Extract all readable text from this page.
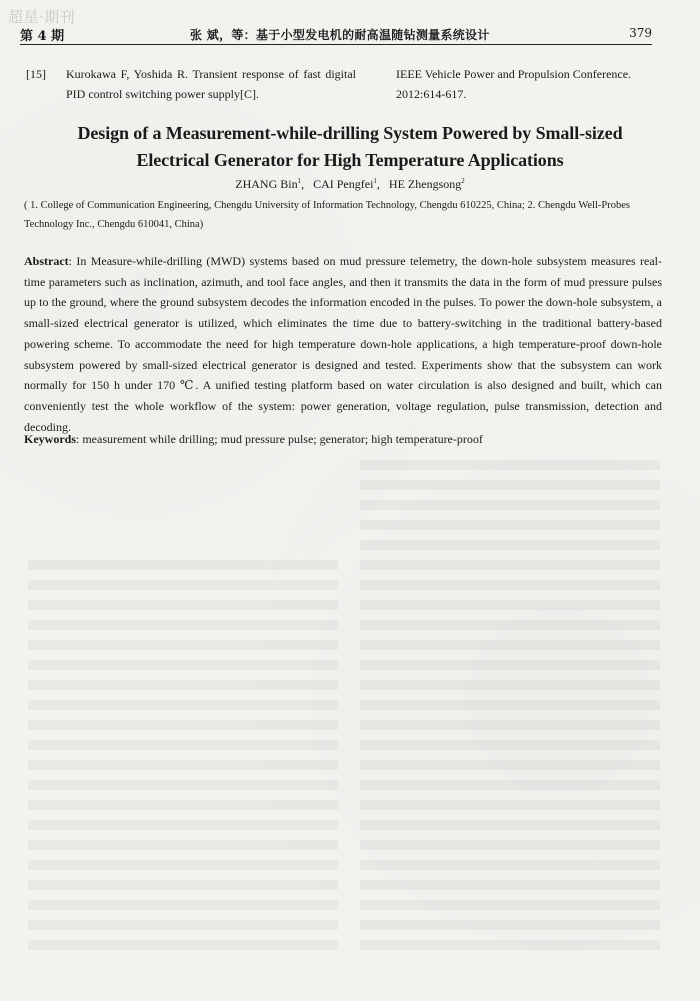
超星·期刊
第 4 期	张 斌，等：基于小型发电机的耐高温随钻测量系统设计	379
[15] Kurokawa F, Yoshida R. Transient response of fast digital PID control switching power supply[C].
IEEE Vehicle Power and Propulsion Conference. 2012:614-617.
Design of a Measurement-while-drilling System Powered by Small-sized
Electrical Generator for High Temperature Applications
ZHANG Bin$^1$,   CAI Pengfei$^1$,   HE Zhengsong$^2$
( 1. College of Communication Engineering, Chengdu University of Information Technology, Chengdu 610225, China; 2. Chengdu Well-Probes Technology Inc., Chengdu 610041, China)
Abstract: In Measure-while-drilling (MWD) systems based on mud pressure telemetry, the down-hole subsystem measures real-time parameters such as inclination, azimuth, and tool face angles, and then it transmits the data in the form of mud pressure pulses up to the ground, where the ground subsystem decodes the information encoded in the pulses. To power the down-hole subsystem, a small-sized electrical generator is utilized, which eliminates the time due to battery-switching in the traditional battery-based powering scheme. To accommodate the need for high temperature down-hole applications, a high temperature-proof down-hole subsystem powered by small-sized electrical generator is designed and tested. Experiments show that the subsystem can work normally for 150 h under 170 ℃. A unified testing platform based on water circulation is also designed and built, which can conveniently test the whole workflow of the system: power generation, voltage regulation, pulse transmission, detection and decoding.
Keywords: measurement while drilling; mud pressure pulse; generator; high temperature-proof
